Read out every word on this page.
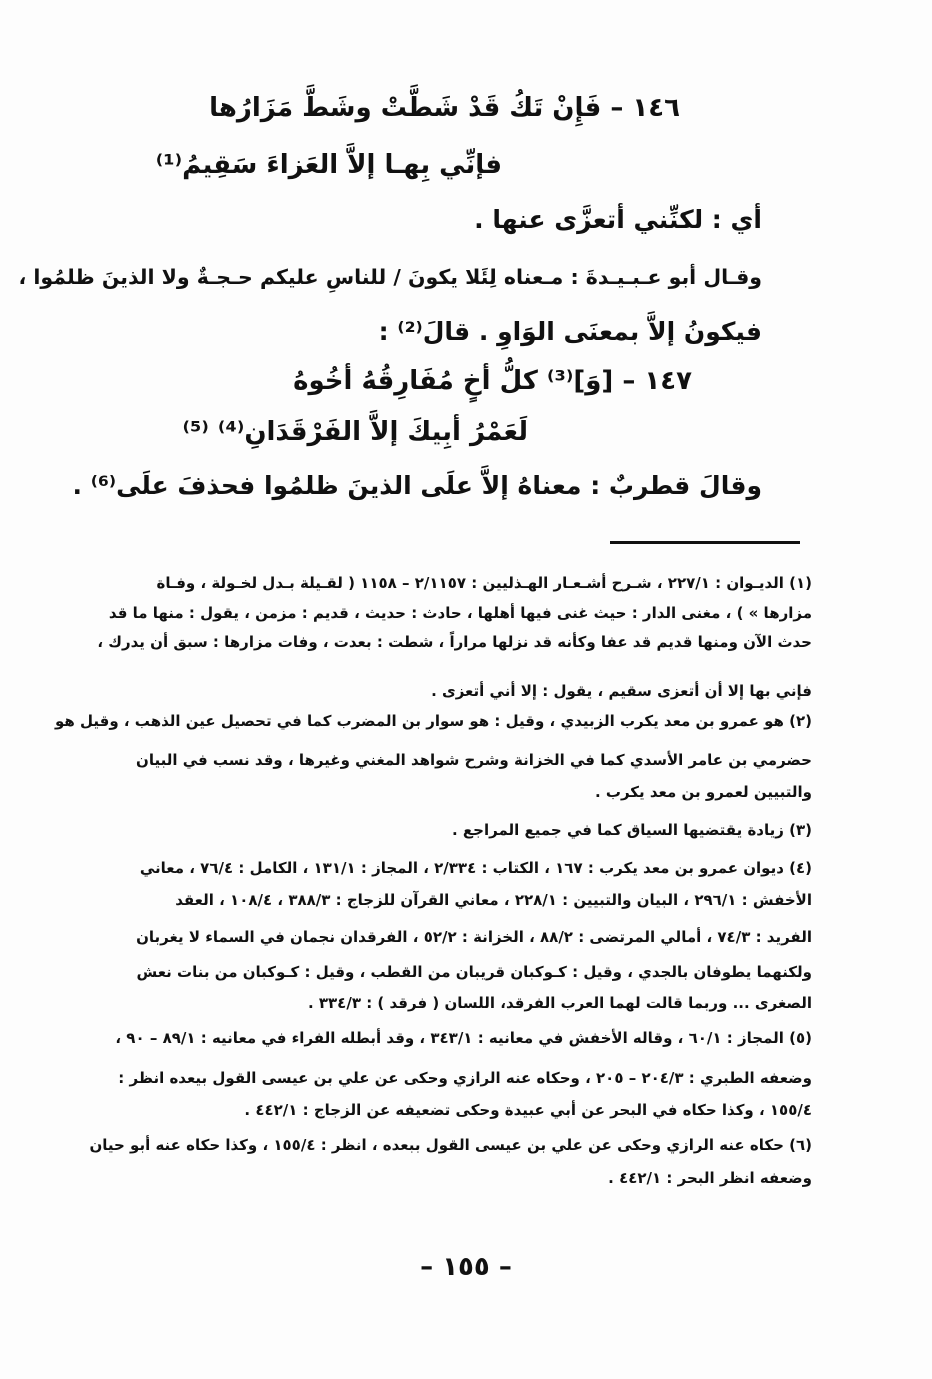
١٤٦ – فَإِنْ تَكُ قَدْ شَطَّتْ وشَطَّ مَزَارُها
فإنِّي بِهـا إلاَّ العَزاءَ سَقِيمُ⁽¹⁾
أي : لكنِّني أتعزَّى عنها .
وقـال أبو عـبـيـدةَ : مـعناه لِئَلا يكونَ / للناسِ عليكم حـجـةٌ ولا الذينَ ظلمُوا ،
فيكونُ إلاَّ بمعنَى الوَاوِ . قالَ⁽²⁾ :
١٤٧ – [وَ]⁽³⁾ كلُّ أخٍ مُفَارِقُهُ أخُوهُ
لَعَمْرُ أبِيكَ إلاَّ الفَرْقَدَانِ⁽⁴⁾ ⁽⁵⁾
وقالَ قطربٌ : معناهُ إلاَّ علَى الذينَ ظلمُوا فحذفَ علَى⁽⁶⁾ .
(١) الديـوان : ٢٢٧/١ ، شـرح أشـعـار الهـذليين : ٢/١١٥٧ – ١١٥٨ ( لقـيلة بـدل لخـولة ، وفـاة
مزارها » ) ، مغنى الدار : حيث غنى فيها أهلها ، حادث : حديث ، قديم : مزمن ، يقول : منها ما قد
حدث الآن ومنها قديم قد عفا وكأنه قد نزلها مراراً ، شطت : بعدت ، وفات مزارها : سبق أن يدرك ،
فإني بها إلا أن أتعزى سقيم ، يقول : إلا أني أتعزى .
(٢) هو عمرو بن معد يكرب الزبيدي ، وقيل : هو سوار بن المضرب كما في تحصيل عين الذهب ، وقيل هو
حضرمي بن عامر الأسدي كما في الخزانة وشرح شواهد المغني وغيرها ، وقد نسب في البيان
والتبيين لعمرو بن معد يكرب .
(٣) زيادة يقتضيها السياق كما في جميع المراجع .
(٤) ديوان عمرو بن معد يكرب : ١٦٧ ، الكتاب : ٢/٣٣٤ ، المجاز : ١٣١/١ ، الكامل : ٧٦/٤ ، معاني
الأخفش : ٢٩٦/١ ، البيان والتبيين : ٢٢٨/١ ، معاني القرآن للزجاج : ٣٨٨/٣ ، ١٠٨/٤ ، العقد
الفريد : ٧٤/٣ ، أمالي المرتضى : ٨٨/٢ ، الخزانة : ٥٢/٢ ، الفرقدان نجمان في السماء لا يغربان
ولكنهما يطوفان بالجدي ، وقيل : كـوكبان قريبان من القطب ، وقيل : كـوكبان من بنات نعش
الصغرى ... وربما قالت لهما العرب الفرقد، اللسان ( فرقد ) : ٣٣٤/٣ .
(٥) المجاز : ٦٠/١ ، وقاله الأخفش في معانيه : ٣٤٣/١ ، وقد أبطله الفراء في معانيه : ٨٩/١ – ٩٠ ،
وضعفه الطبري : ٢٠٤/٣ – ٢٠٥ ، وحكاه عنه الرازي وحكى عن علي بن عيسى القول بيعده انظر :
١٥٥/٤ ، وكذا حكاه في البحر عن أبي عبيدة وحكى تضعيفه عن الزجاج : ٤٤٢/١ .
(٦) حكاه عنه الرازي وحكى عن علي بن عيسى القول ببعده ، انظر : ١٥٥/٤ ، وكذا حكاه عنه أبو حيان
وضعفه انظر البحر : ٤٤٢/١ .
– ١٥٥ –
